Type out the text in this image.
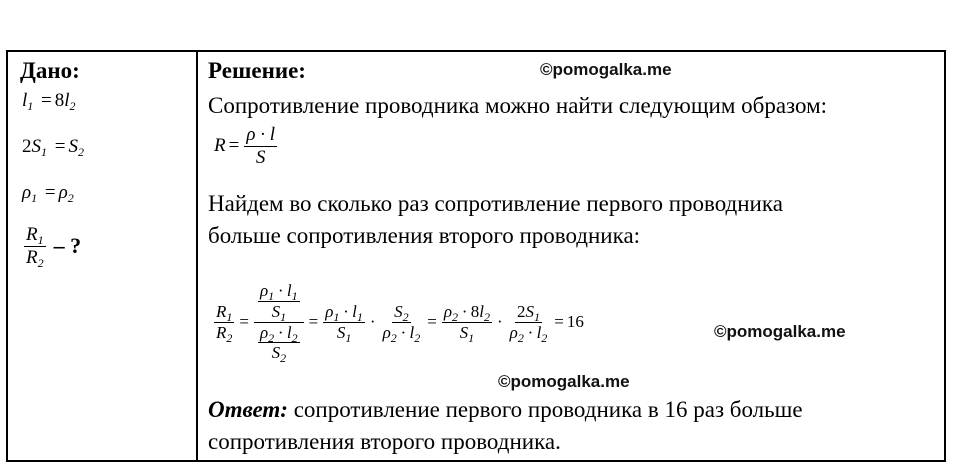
Дано:
$l_1 = 8l_2$
$2S_1 = S_2$
$\rho_1 = \rho_2$
$\frac{R_1}{R_2}$ – ?
Решение:	©pomogalka.me
Сопротивление проводника можно найти следующим образом:
$R = \frac{\rho \cdot l}{S}$
Найдем во сколько раз сопротивление первого проводника
больше сопротивления второго проводника:
$\frac{R_1}{R_2} = \frac{\frac{\rho_1 \cdot l_1}{S_1}}{\frac{\rho_2 \cdot l_2}{S_2}} = \frac{\rho_1 \cdot l_1}{S_1} \cdot \frac{S_2}{\rho_2 \cdot l_2} = \frac{\rho_2 \cdot 8l_2}{S_1} \cdot \frac{2S_1}{\rho_2 \cdot l_2} = 16$
©pomogalka.me
©pomogalka.me
Ответ: сопротивление первого проводника в 16 раз больше
сопротивления второго проводника.
